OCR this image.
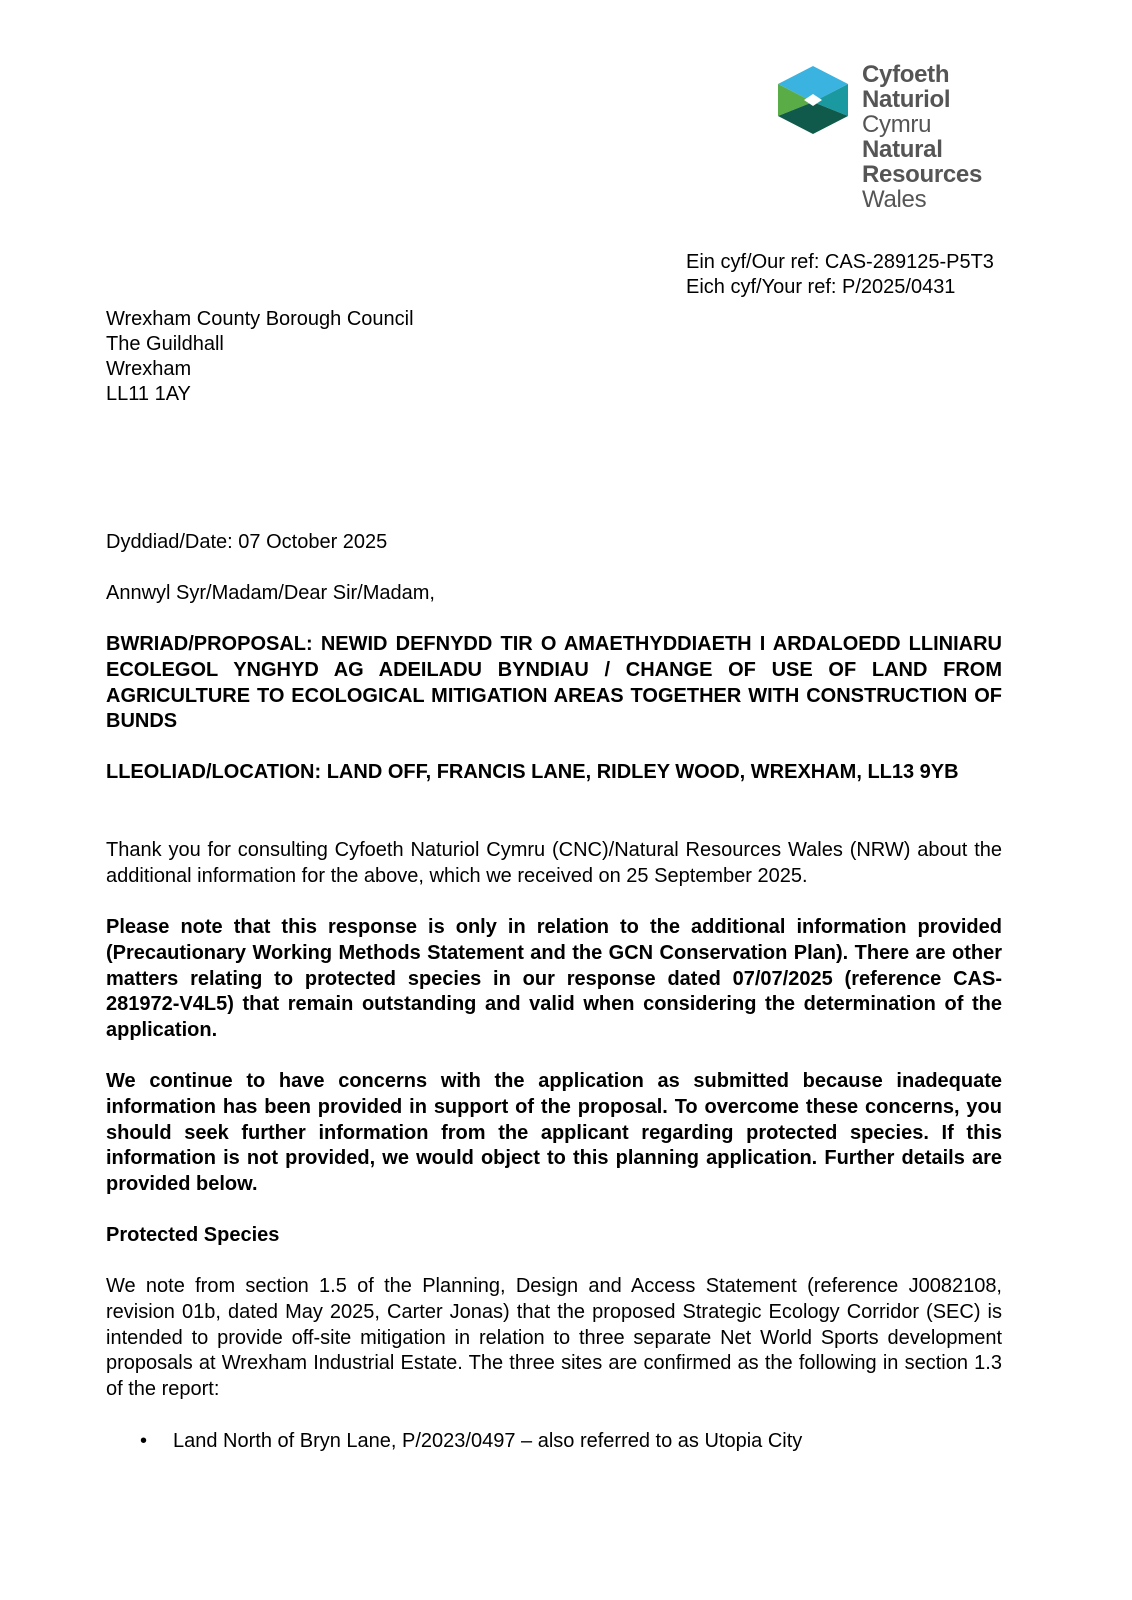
Cyfoeth
Naturiol
Cymru
Natural
Resources
Wales
Ein cyf/Our ref: CAS-289125-P5T3
Eich cyf/Your ref: P/2025/0431
Wrexham County Borough Council
The Guildhall
Wrexham
LL11 1AY
Dyddiad/Date: 07 October 2025
Annwyl Syr/Madam/Dear Sir/Madam,
BWRIAD/PROPOSAL: NEWID DEFNYDD TIR O AMAETHYDDIAETH I ARDALOEDD LLINIARU ECOLEGOL YNGHYD AG ADEILADU BYNDIAU / CHANGE OF USE OF LAND FROM AGRICULTURE TO ECOLOGICAL MITIGATION AREAS TOGETHER WITH CONSTRUCTION OF BUNDS
LLEOLIAD/LOCATION: LAND OFF, FRANCIS LANE, RIDLEY WOOD, WREXHAM, LL13 9YB
Thank you for consulting Cyfoeth Naturiol Cymru (CNC)/Natural Resources Wales (NRW) about the additional information for the above, which we received on 25 September 2025.
Please note that this response is only in relation to the additional information provided (Precautionary Working Methods Statement and the GCN Conservation Plan). There are other matters relating to protected species in our response dated 07/07/2025 (reference CAS-281972-V4L5) that remain outstanding and valid when considering the determination of the application.
We continue to have concerns with the application as submitted because inadequate information has been provided in support of the proposal. To overcome these concerns, you should seek further information from the applicant regarding protected species. If this information is not provided, we would object to this planning application. Further details are provided below.
Protected Species
We note from section 1.5 of the Planning, Design and Access Statement (reference J0082108, revision 01b, dated May 2025, Carter Jonas) that the proposed Strategic Ecology Corridor (SEC) is intended to provide off-site mitigation in relation to three separate Net World Sports development proposals at Wrexham Industrial Estate. The three sites are confirmed as the following in section 1.3 of the report:
• Land North of Bryn Lane, P/2023/0497 – also referred to as Utopia City
